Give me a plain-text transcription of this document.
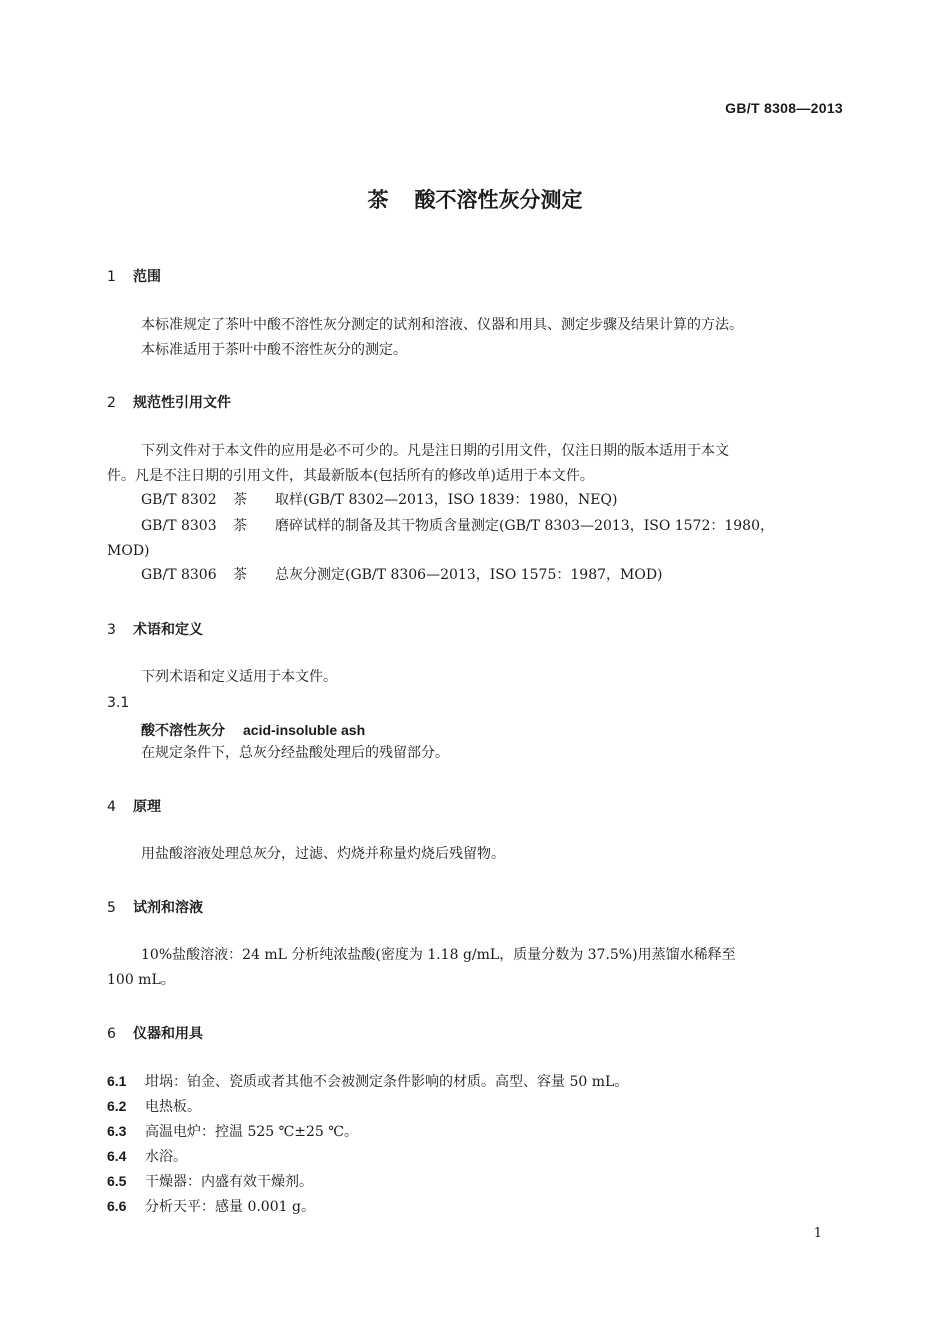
GB/T 8308—2013
茶 酸不溶性灰分测定
1 范围
本标准规定了茶叶中酸不溶性灰分测定的试剂和溶液、仪器和用具、测定步骤及结果计算的方法。
本标准适用于茶叶中酸不溶性灰分的测定。
2 规范性引用文件
下列文件对于本文件的应用是必不可少的。凡是注日期的引用文件，仅注日期的版本适用于本文
件。凡是不注日期的引用文件，其最新版本(包括所有的修改单)适用于本文件。
GB/T 8302 茶 取样(GB/T 8302—2013，ISO 1839：1980，NEQ)
GB/T 8303	茶	磨碎试样的制备及其干物质含量测定(GB/T 8303—2013，ISO 1572：1980，
MOD)
GB/T 8306 茶 总灰分测定(GB/T 8306—2013，ISO 1575：1987，MOD)
3 术语和定义
下列术语和定义适用于本文件。
3.1
酸不溶性灰分 acid-insoluble ash
在规定条件下，总灰分经盐酸处理后的残留部分。
4 原理
用盐酸溶液处理总灰分，过滤、灼烧并称量灼烧后残留物。
5 试剂和溶液
10%盐酸溶液：24 mL 分析纯浓盐酸(密度为 1.18 g/mL，质量分数为 37.5%)用蒸馏水稀释至
100 mL。
6 仪器和用具
6.1 坩埚：铂金、瓷质或者其他不会被测定条件影响的材质。高型、容量 50 mL。
6.2 电热板。
6.3 高温电炉：控温 525 ℃±25 ℃。
6.4 水浴。
6.5 干燥器：内盛有效干燥剂。
6.6 分析天平：感量 0.001 g。
1
